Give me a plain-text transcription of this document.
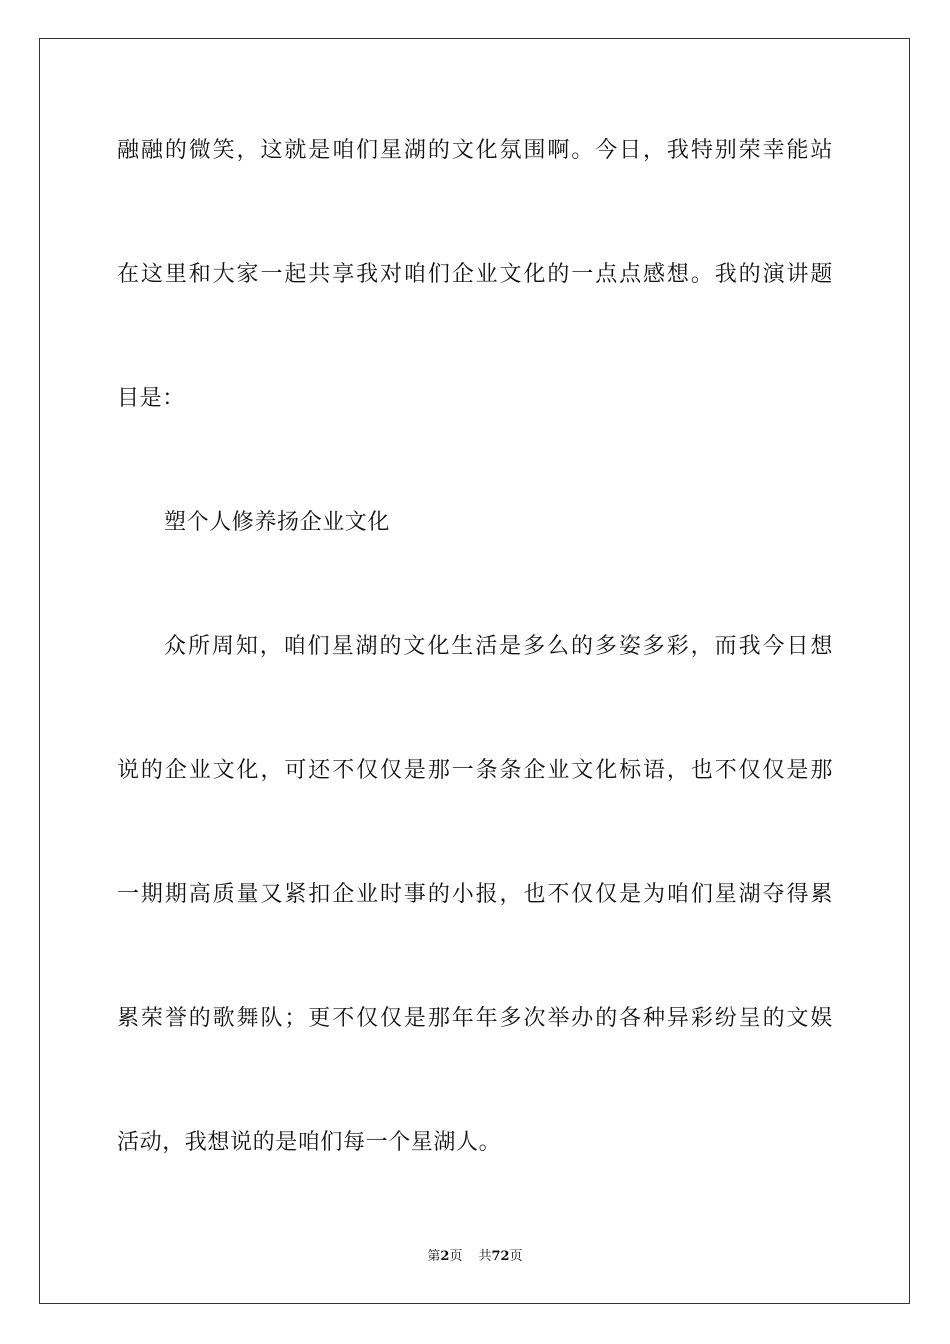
融融的微笑，这就是咱们星湖的文化氛围啊。今日，我特别荣幸能站
在这里和大家一起共享我对咱们企业文化的一点点感想。我的演讲题
目是：
塑个人修养扬企业文化
众所周知，咱们星湖的文化生活是多么的多姿多彩，而我今日想
说的企业文化，可还不仅仅是那一条条企业文化标语，也不仅仅是那
一期期高质量又紧扣企业时事的小报，也不仅仅是为咱们星湖夺得累
累荣誉的歌舞队；更不仅仅是那年年多次举办的各种异彩纷呈的文娱
活动，我想说的是咱们每一个星湖人。
第2页 共72页
